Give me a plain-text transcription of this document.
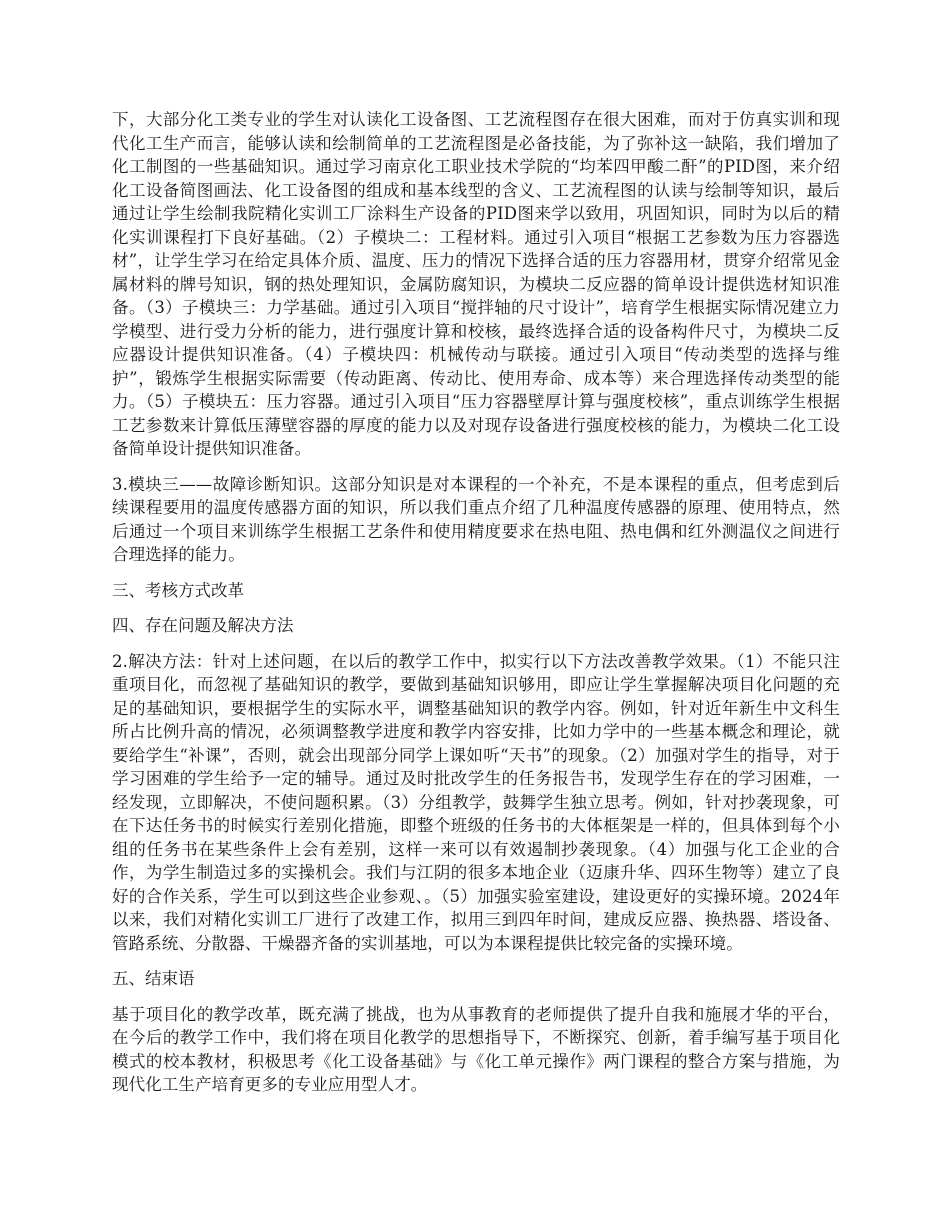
下，大部分化工类专业的学生对认读化工设备图、工艺流程图存在很大困难，而对于仿真实训和现代化工生产而言，能够认读和绘制简单的工艺流程图是必备技能，为了弥补这一缺陷，我们增加了化工制图的一些基础知识。通过学习南京化工职业技术学院的“均苯四甲酸二酐”的PID图，来介绍化工设备简图画法、化工设备图的组成和基本线型的含义、工艺流程图的认读与绘制等知识，最后通过让学生绘制我院精化实训工厂涂料生产设备的PID图来学以致用，巩固知识，同时为以后的精化实训课程打下良好基础。（2）子模块二：工程材料。通过引入项目“根据工艺参数为压力容器选材”，让学生学习在给定具体介质、温度、压力的情况下选择合适的压力容器用材，贯穿介绍常见金属材料的牌号知识，钢的热处理知识，金属防腐知识，为模块二反应器的简单设计提供选材知识准备。（3）子模块三：力学基础。通过引入项目“搅拌轴的尺寸设计”，培育学生根据实际情况建立力学模型、进行受力分析的能力，进行强度计算和校核，最终选择合适的设备构件尺寸，为模块二反应器设计提供知识准备。（4）子模块四：机械传动与联接。通过引入项目“传动类型的选择与维护”，锻炼学生根据实际需要（传动距离、传动比、使用寿命、成本等）来合理选择传动类型的能力。（5）子模块五：压力容器。通过引入项目“压力容器壁厚计算与强度校核”，重点训练学生根据工艺参数来计算低压薄壁容器的厚度的能力以及对现存设备进行强度校核的能力，为模块二化工设备简单设计提供知识准备。

3.模块三——故障诊断知识。这部分知识是对本课程的一个补充，不是本课程的重点，但考虑到后续课程要用的温度传感器方面的知识，所以我们重点介绍了几种温度传感器的原理、使用特点，然后通过一个项目来训练学生根据工艺条件和使用精度要求在热电阻、热电偶和红外测温仪之间进行合理选择的能力。

三、考核方式改革

四、存在问题及解决方法

2.解决方法：针对上述问题，在以后的教学工作中，拟实行以下方法改善教学效果。（1）不能只注重项目化，而忽视了基础知识的教学，要做到基础知识够用，即应让学生掌握解决项目化问题的充足的基础知识，要根据学生的实际水平，调整基础知识的教学内容。例如，针对近年新生中文科生所占比例升高的情况，必须调整教学进度和教学内容安排，比如力学中的一些基本概念和理论，就要给学生“补课”，否则，就会出现部分同学上课如听“天书”的现象。（2）加强对学生的指导，对于学习困难的学生给予一定的辅导。通过及时批改学生的任务报告书，发现学生存在的学习困难，一经发现，立即解决，不使问题积累。（3）分组教学，鼓舞学生独立思考。例如，针对抄袭现象，可在下达任务书的时候实行差别化措施，即整个班级的任务书的大体框架是一样的，但具体到每个小组的任务书在某些条件上会有差别，这样一来可以有效遏制抄袭现象。（4）加强与化工企业的合作，为学生制造过多的实操机会。我们与江阴的很多本地企业（迈康升华、四环生物等）建立了良好的合作关系，学生可以到这些企业参观、。（5）加强实验室建设，建设更好的实操环境。2024年以来，我们对精化实训工厂进行了改建工作，拟用三到四年时间，建成反应器、换热器、塔设备、管路系统、分散器、干燥器齐备的实训基地，可以为本课程提供比较完备的实操环境。

五、结束语

基于项目化的教学改革，既充满了挑战，也为从事教育的老师提供了提升自我和施展才华的平台，在今后的教学工作中，我们将在项目化教学的思想指导下，不断探究、创新，着手编写基于项目化模式的校本教材，积极思考《化工设备基础》与《化工单元操作》两门课程的整合方案与措施，为现代化工生产培育更多的专业应用型人才。
